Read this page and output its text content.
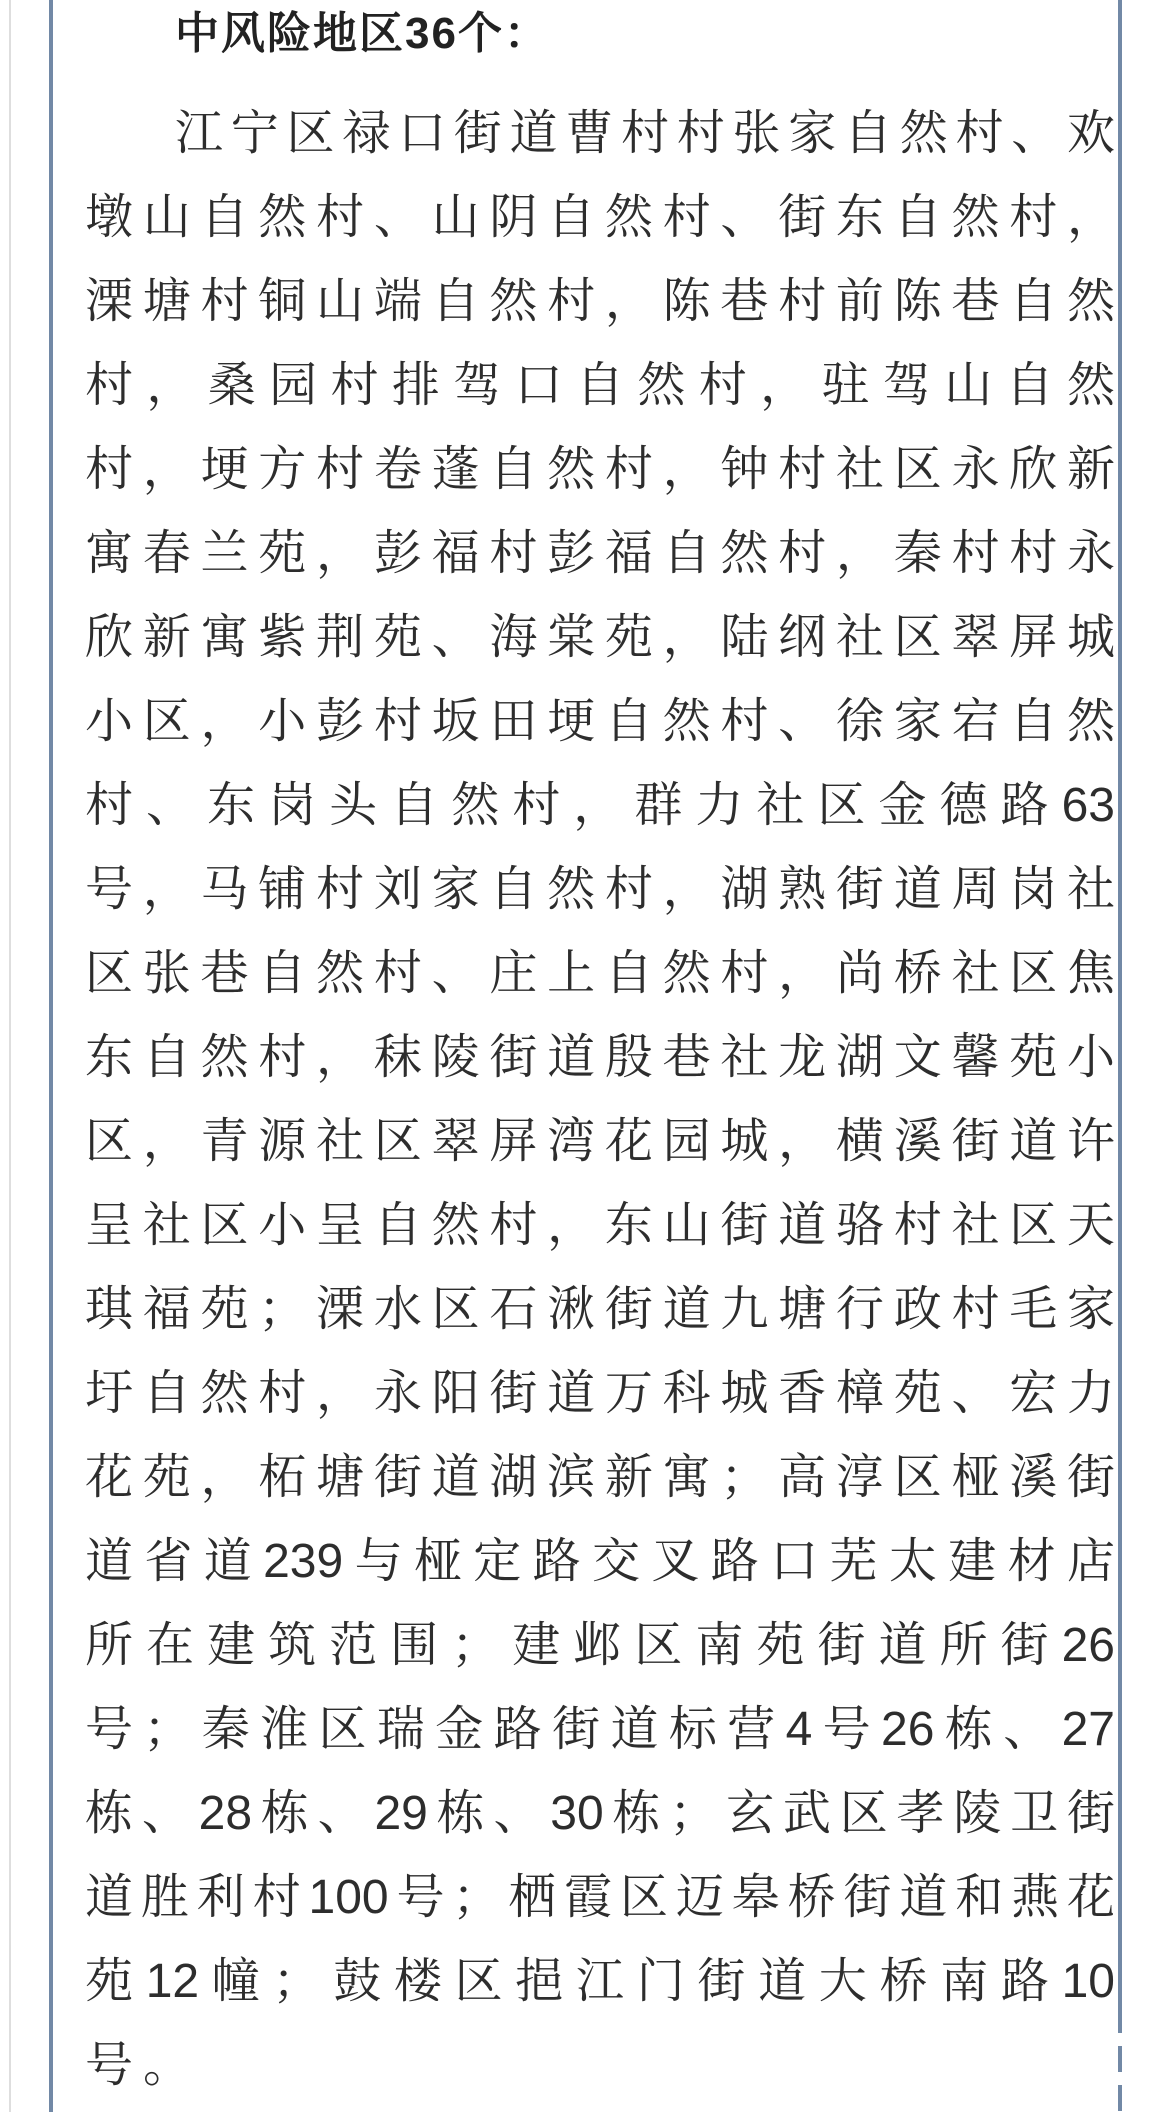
中风险地区36个：
江宁区禄口街道曹村村张家自然村、欢
墩山自然村、山阴自然村、街东自然村，
溧塘村铜山端自然村，陈巷村前陈巷自然
村，桑园村排驾口自然村，驻驾山自然
村，埂方村卷蓬自然村，钟村社区永欣新
寓春兰苑，彭福村彭福自然村，秦村村永
欣新寓紫荆苑、海棠苑，陆纲社区翠屏城
小区，小彭村坂田埂自然村、徐家宕自然
村、东岗头自然村，群力社区金德路63
号，马铺村刘家自然村，湖熟街道周岗社
区张巷自然村、庄上自然村，尚桥社区焦
东自然村，秣陵街道殷巷社龙湖文馨苑小
区，青源社区翠屏湾花园城，横溪街道许
呈社区小呈自然村，东山街道骆村社区天
琪福苑；溧水区石湫街道九塘行政村毛家
圩自然村，永阳街道万科城香樟苑、宏力
花苑，柘塘街道湖滨新寓；高淳区桠溪街
道省道239与桠定路交叉路口芜太建材店
所在建筑范围；建邺区南苑街道所街26
号；秦淮区瑞金路街道标营4号26栋、27
栋、28栋、29栋、30栋；玄武区孝陵卫街
道胜利村100号；栖霞区迈皋桥街道和燕花
苑12幢；鼓楼区挹江门街道大桥南路10
号。
